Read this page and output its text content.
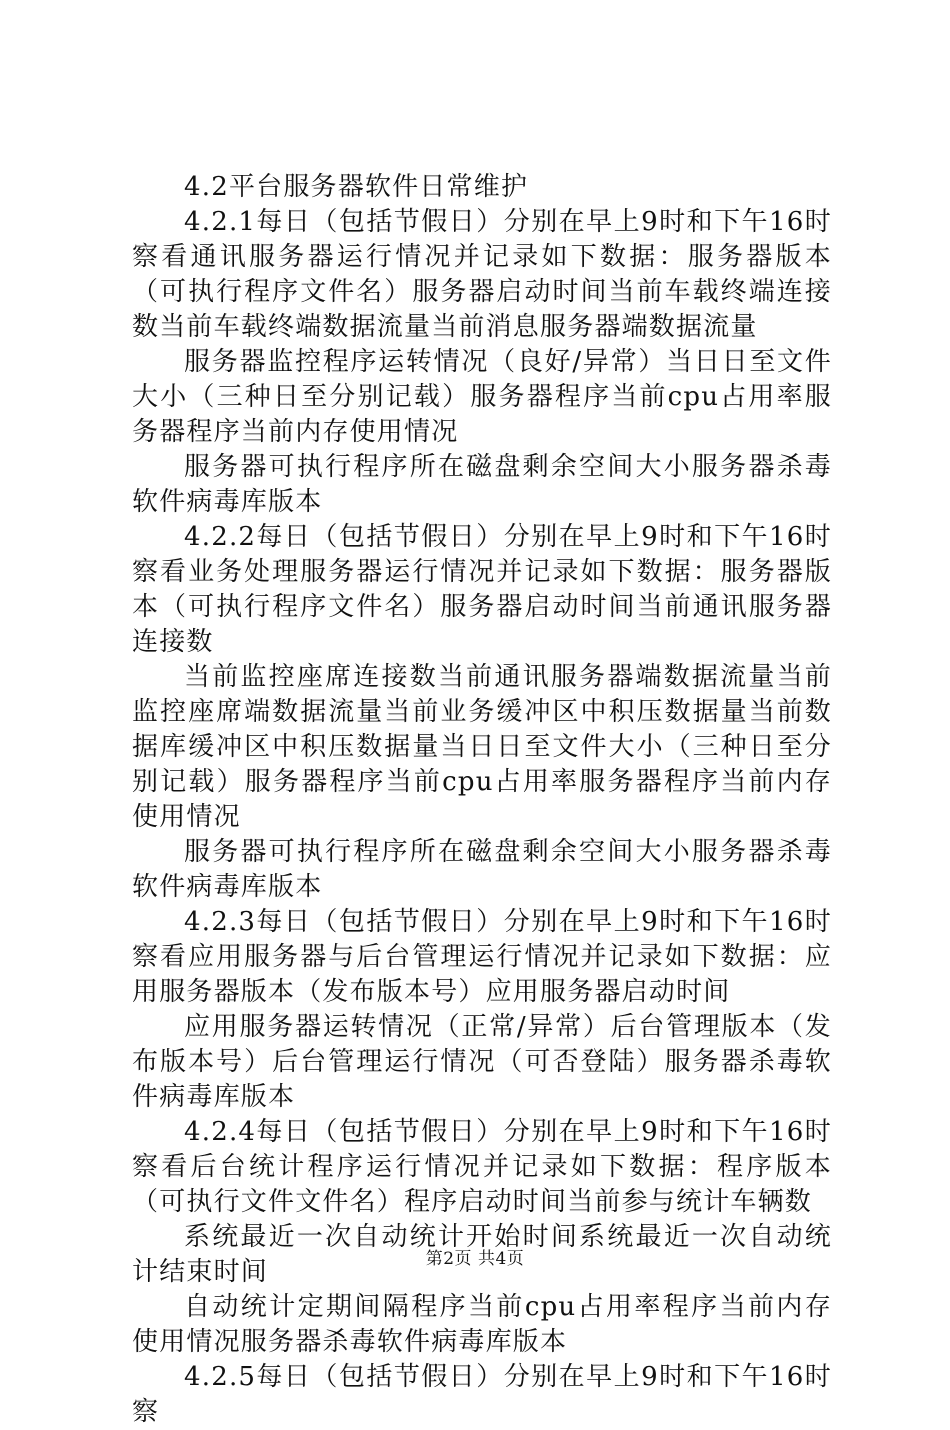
4.2平台服务器软件日常维护

4.2.1每日（包括节假日）分别在早上9时和下午16时察看通讯服务器运行情况并记录如下数据：服务器版本（可执行程序文件名）服务器启动时间当前车载终端连接数当前车载终端数据流量当前消息服务器端数据流量

服务器监控程序运转情况（良好/异常）当日日至文件大小（三种日至分别记载）服务器程序当前cpu占用率服务器程序当前内存使用情况

服务器可执行程序所在磁盘剩余空间大小服务器杀毒软件病毒库版本

4.2.2每日（包括节假日）分别在早上9时和下午16时察看业务处理服务器运行情况并记录如下数据：服务器版本（可执行程序文件名）服务器启动时间当前通讯服务器连接数

当前监控座席连接数当前通讯服务器端数据流量当前监控座席端数据流量当前业务缓冲区中积压数据量当前数据库缓冲区中积压数据量当日日至文件大小（三种日至分别记载）服务器程序当前cpu占用率服务器程序当前内存使用情况

服务器可执行程序所在磁盘剩余空间大小服务器杀毒软件病毒库版本

4.2.3每日（包括节假日）分别在早上9时和下午16时察看应用服务器与后台管理运行情况并记录如下数据：应用服务器版本（发布版本号）应用服务器启动时间

应用服务器运转情况（正常/异常）后台管理版本（发布版本号）后台管理运行情况（可否登陆）服务器杀毒软件病毒库版本

4.2.4每日（包括节假日）分别在早上9时和下午16时察看后台统计程序运行情况并记录如下数据：程序版本（可执行文件文件名）程序启动时间当前参与统计车辆数

系统最近一次自动统计开始时间系统最近一次自动统计结束时间

自动统计定期间隔程序当前cpu占用率程序当前内存使用情况服务器杀毒软件病毒库版本

4.2.5每日（包括节假日）分别在早上9时和下午16时察

第2页 共4页
